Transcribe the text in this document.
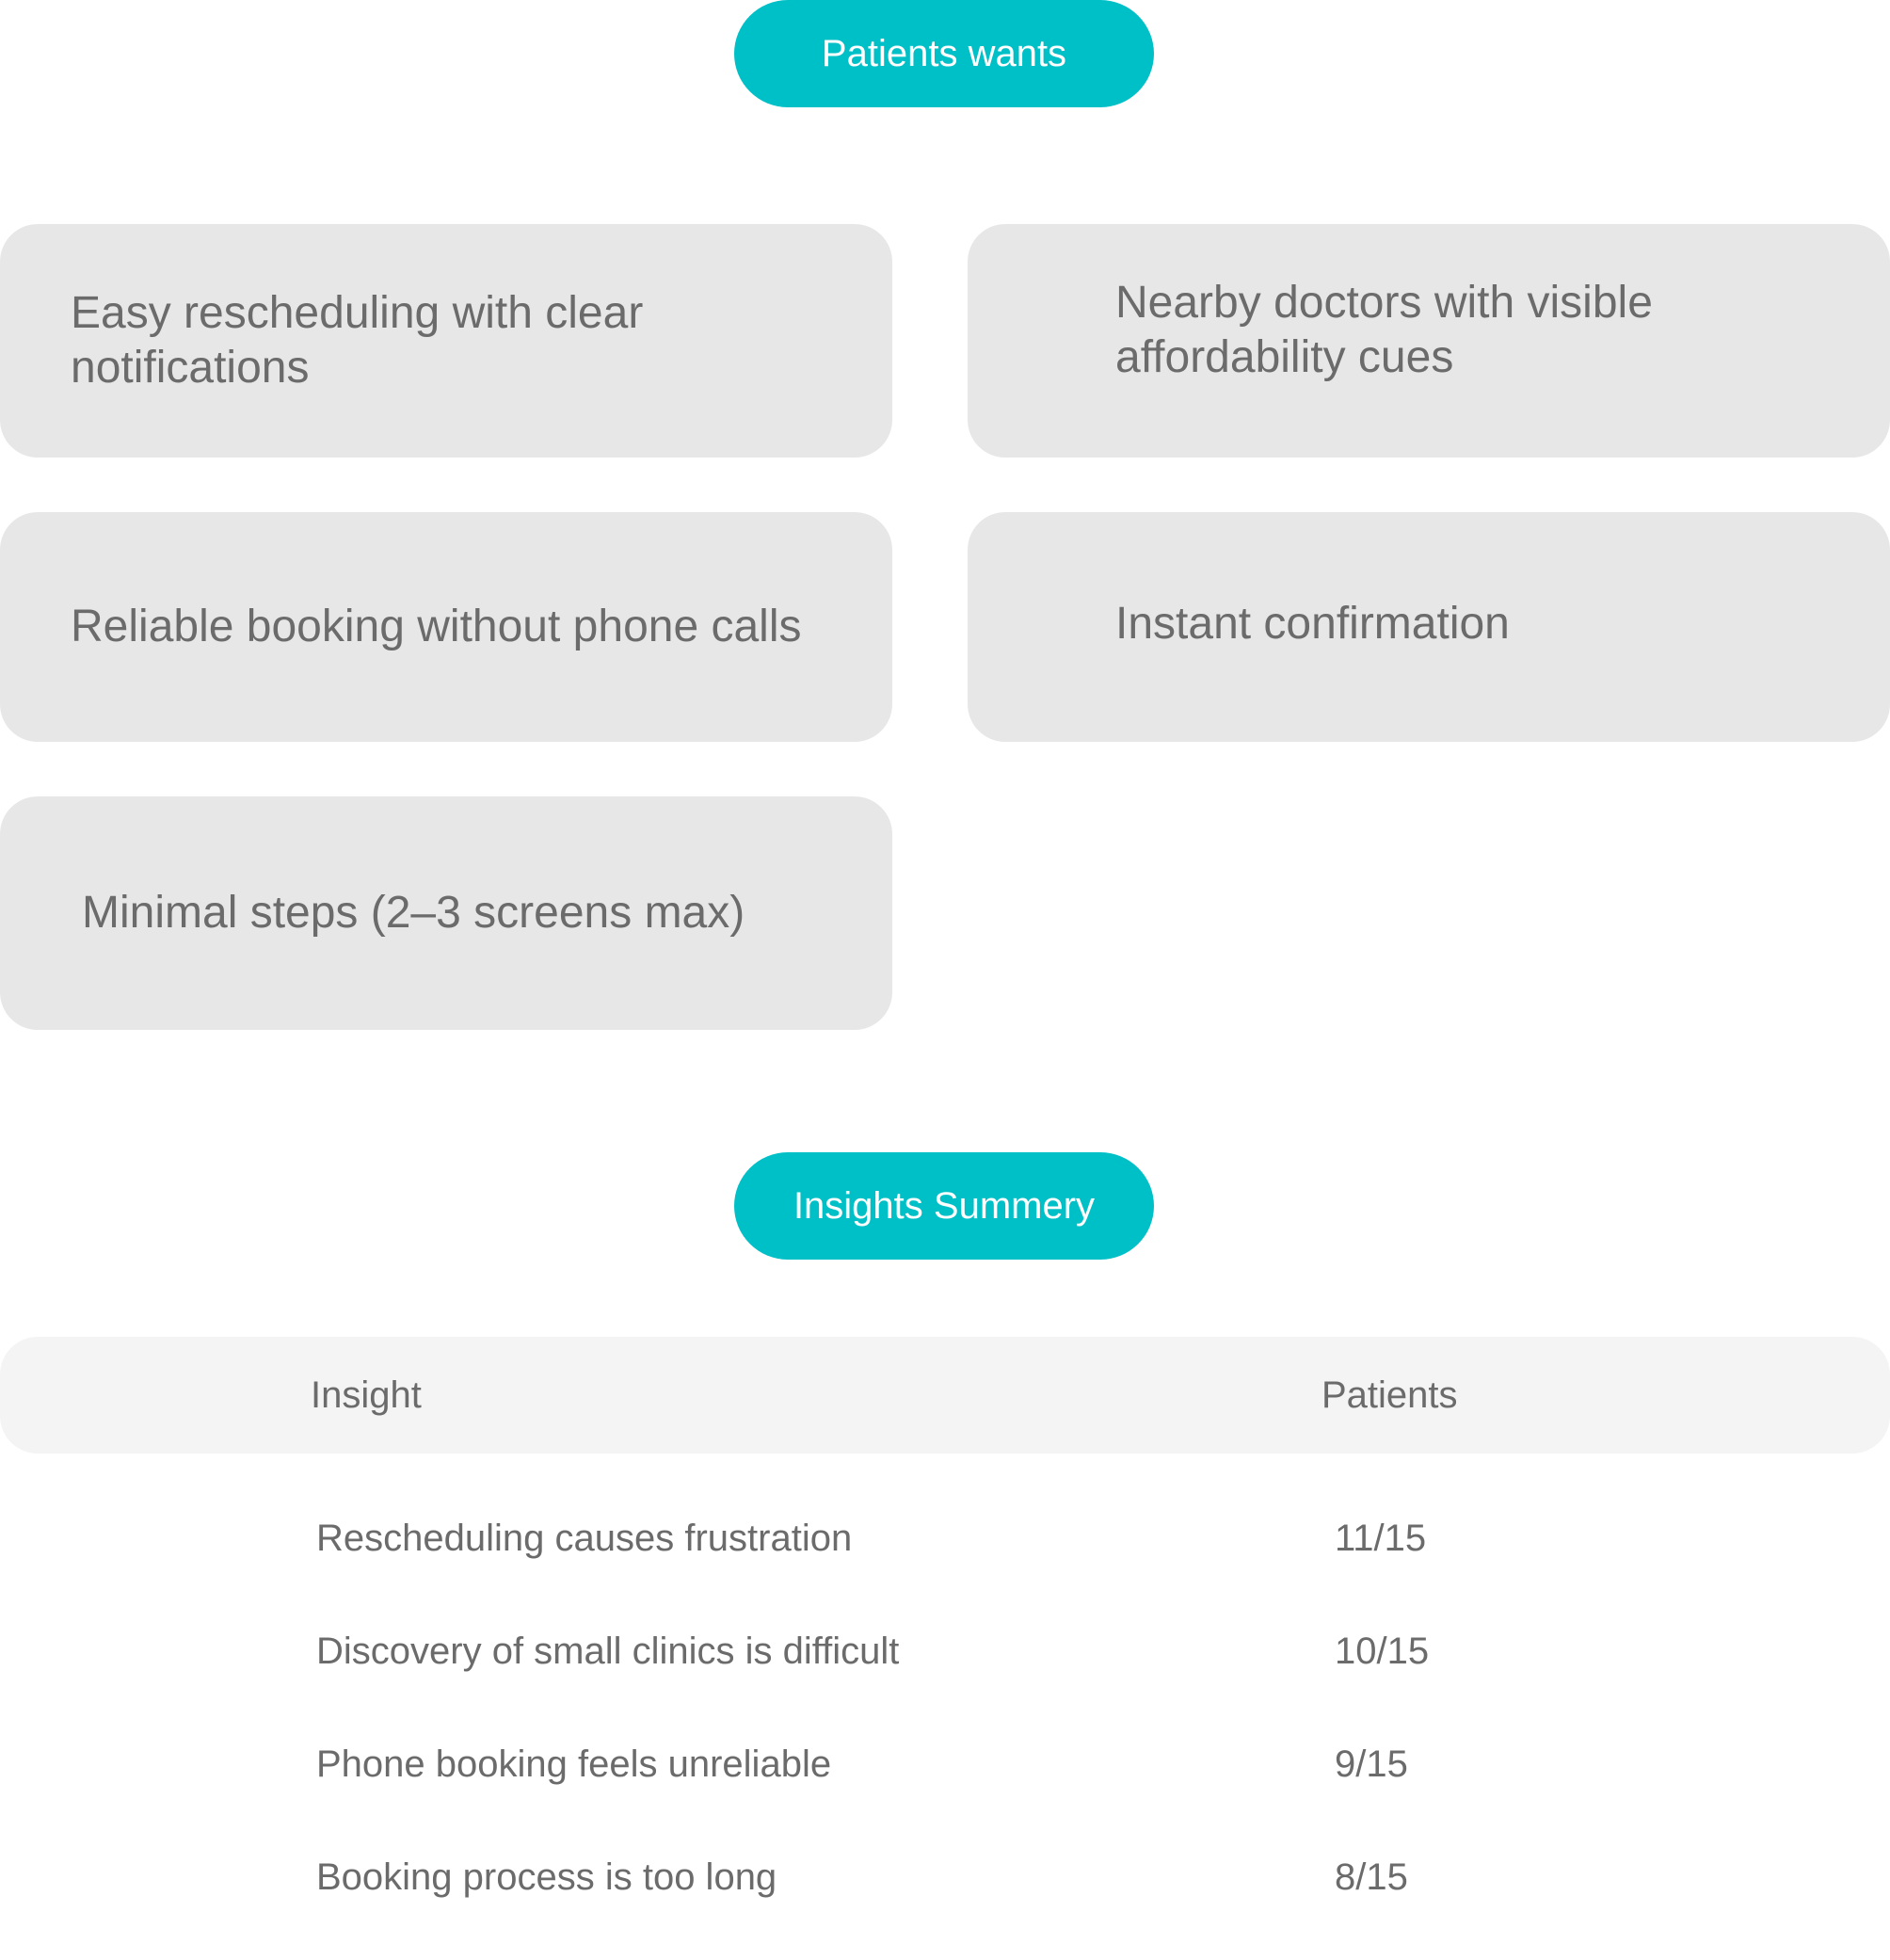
Patients wants
Easy rescheduling with clear notifications
Nearby doctors with visible affordability cues
Reliable booking without phone calls	Instant confirmation
Minimal steps (2–3 screens max)
Insights Summery
Insight	Patients
Rescheduling causes frustration	11/15
Discovery of small clinics is difficult	10/15
Phone booking feels unreliable	9/15
Booking process is too long	8/15
